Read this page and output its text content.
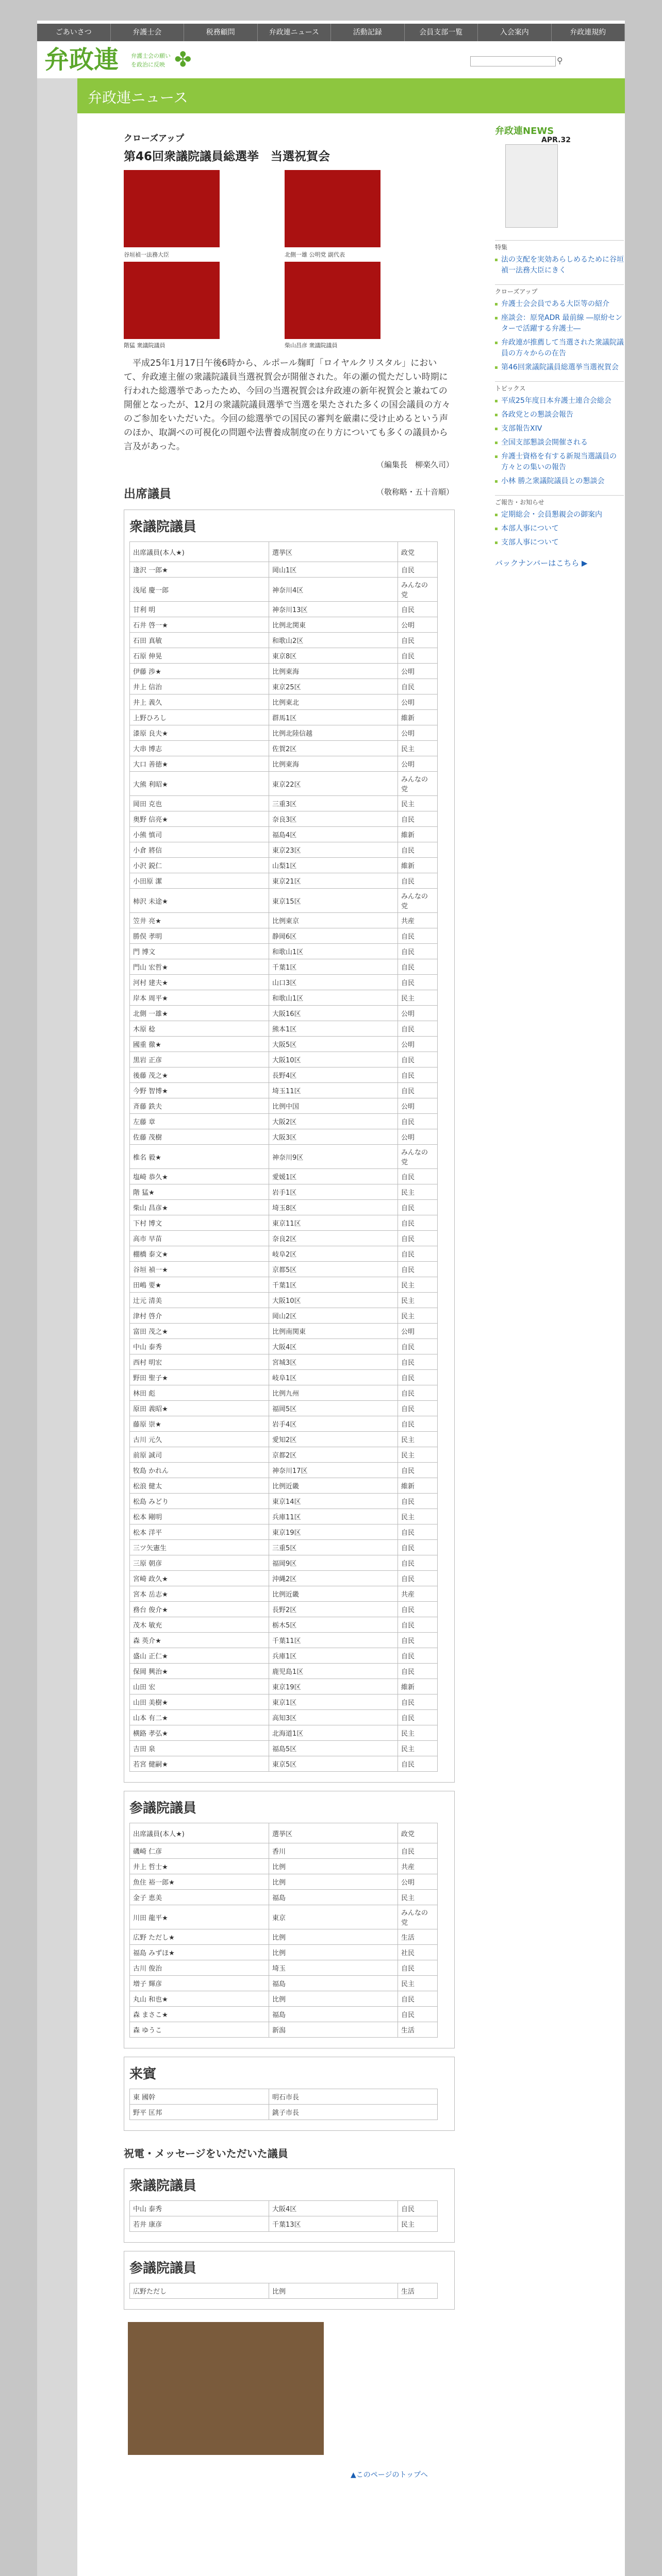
ごあいさつ	弁護士会	税務顧問	弁政連ニュース	活動記録	会員支部一覧	入会案内	弁政連規約
弁政連 弁護士会の願いを政治に反映 ✤	⚲
弁政連ニュース
クローズアップ
第46回衆議院議員総選挙　当選祝賀会
谷垣禎一法務大臣	北側一雄 公明党 副代表
階猛 衆議院議員	柴山昌彦 衆議院議員
平成25年1月17日午後6時から、ルポール麹町「ロイヤルクリスタル」において、弁政連主催の衆議院議員当選祝賀会が開催された。年の瀬の慌ただしい時期に行われた総選挙であったため、今回の当選祝賀会は弁政連の新年祝賀会と兼ねての開催となったが、12月の衆議院議員選挙で当選を果たされた多くの国会議員の方々のご参加をいただいた。今回の総選挙での国民の審判を厳粛に受け止めるという声のほか、取調べの可視化の問題や法曹養成制度の在り方についても多くの議員から言及があった。
（編集長　柳楽久司）
出席議員	（敬称略・五十音順）
衆議院議員
出席議員(本人★)	選挙区	政党
逢沢 一郎★	岡山1区	自民
浅尾 慶一郎	神奈川4区	みんなの党
甘利 明	神奈川13区	自民
石井 啓一★	比例北関東	公明
石田 真敏	和歌山2区	自民
石原 伸晃	東京8区	自民
伊藤 渉★	比例東海	公明
井上 信治	東京25区	自民
井上 義久	比例東北	公明
上野ひろし	群馬1区	維新
漆原 良夫★	比例北陸信越	公明
大串 博志	佐賀2区	民主
大口 善徳★	比例東海	公明
大熊 利昭★	東京22区	みんなの党
岡田 克也	三重3区	民主
奥野 信亮★	奈良3区	自民
小熊 慎司	福島4区	維新
小倉 將信	東京23区	自民
小沢 鋭仁	山梨1区	維新
小田原 潔	東京21区	自民
柿沢 未途★	東京15区	みんなの党
笠井 亮★	比例東京	共産
勝俣 孝明	静岡6区	自民
門 博文	和歌山1区	自民
門山 宏哲★	千葉1区	自民
河村 建夫★	山口3区	自民
岸本 周平★	和歌山1区	民主
北側 一雄★	大阪16区	公明
木原 稔	熊本1区	自民
國重 徹★	大阪5区	公明
黒岩 正彦	大阪10区	自民
後藤 茂之★	長野4区	自民
今野 智博★	埼玉11区	自民
斉藤 鉄夫	比例中国	公明
左藤 章	大阪2区	自民
佐藤 茂樹	大阪3区	公明
椎名 毅★	神奈川9区	みんなの党
塩崎 恭久★	愛媛1区	自民
階 猛★	岩手1区	民主
柴山 昌彦★	埼玉8区	自民
下村 博文	東京11区	自民
高市 早苗	奈良2区	自民
棚橋 泰文★	岐阜2区	自民
谷垣 禎一★	京都5区	自民
田嶋 要★	千葉1区	民主
辻元 清美	大阪10区	民主
津村 啓介	岡山2区	民主
富田 茂之★	比例南関東	公明
中山 泰秀	大阪4区	自民
西村 明宏	宮城3区	自民
野田 聖子★	岐阜1区	自民
林田 彪	比例九州	自民
原田 義昭★	福岡5区	自民
藤原 崇★	岩手4区	自民
古川 元久	愛知2区	民主
前原 誠司	京都2区	民主
牧島 かれん	神奈川17区	自民
松浪 健太	比例近畿	維新
松島 みどり	東京14区	自民
松本 剛明	兵庫11区	民主
松本 洋平	東京19区	自民
三ツ矢憲生	三重5区	自民
三原 朝彦	福岡9区	自民
宮崎 政久★	沖縄2区	自民
宮本 岳志★	比例近畿	共産
務台 俊介★	長野2区	自民
茂木 敏充	栃木5区	自民
森 英介★	千葉11区	自民
盛山 正仁★	兵庫1区	自民
保岡 興治★	鹿児島1区	自民
山田 宏	東京19区	維新
山田 美樹★	東京1区	自民
山本 有二★	高知3区	自民
横路 孝弘★	北海道1区	民主
吉田 泉	福島5区	民主
若宮 健嗣★	東京5区	自民
参議院議員
出席議員(本人★)	選挙区	政党
磯崎 仁彦	香川	自民
井上 哲士★	比例	共産
魚住 裕一郎★	比例	公明
金子 恵美	福島	民主
川田 龍平★	東京	みんなの党
広野 ただし★	比例	生活
福島 みずほ★	比例	社民
古川 俊治	埼玉	自民
増子 輝彦	福島	民主
丸山 和也★	比例	自民
森 まさこ★	福島	自民
森 ゆうこ	新潟	生活
来賓
東 國幹	明石市長
野平 匡邦	銚子市長
祝電・メッセージをいただいた議員
衆議院議員
中山 泰秀	大阪4区	自民
若井 康彦	千葉13区	民主
参議院議員
広野ただし	比例	生活
▲このページのトップへ
弁政連NEWS
APR.32
特集
法の支配を実効あらしめるために谷垣禎一法務大臣にきく
クローズアップ
弁護士会会員である大臣等の紹介
座談会：原発ADR 最前線 ―原紛センターで活躍する弁護士―
弁政連が推薦して当選された衆議院議員の方々からの在告
第46回衆議院議員総選挙当選祝賀会
トピックス
平成25年度日本弁護士連合会総会
各政党との懇談会報告
支部報告XIV
全国支部懇談会開催される
弁護士資格を有する新規当選議員の方々との集いの報告
小林 勝之衆議院議員との懇談会
ご報告・お知らせ
定期総会・会員懇親会の御案内
本部人事について
支部人事について
バックナンバーはこちら ▶
